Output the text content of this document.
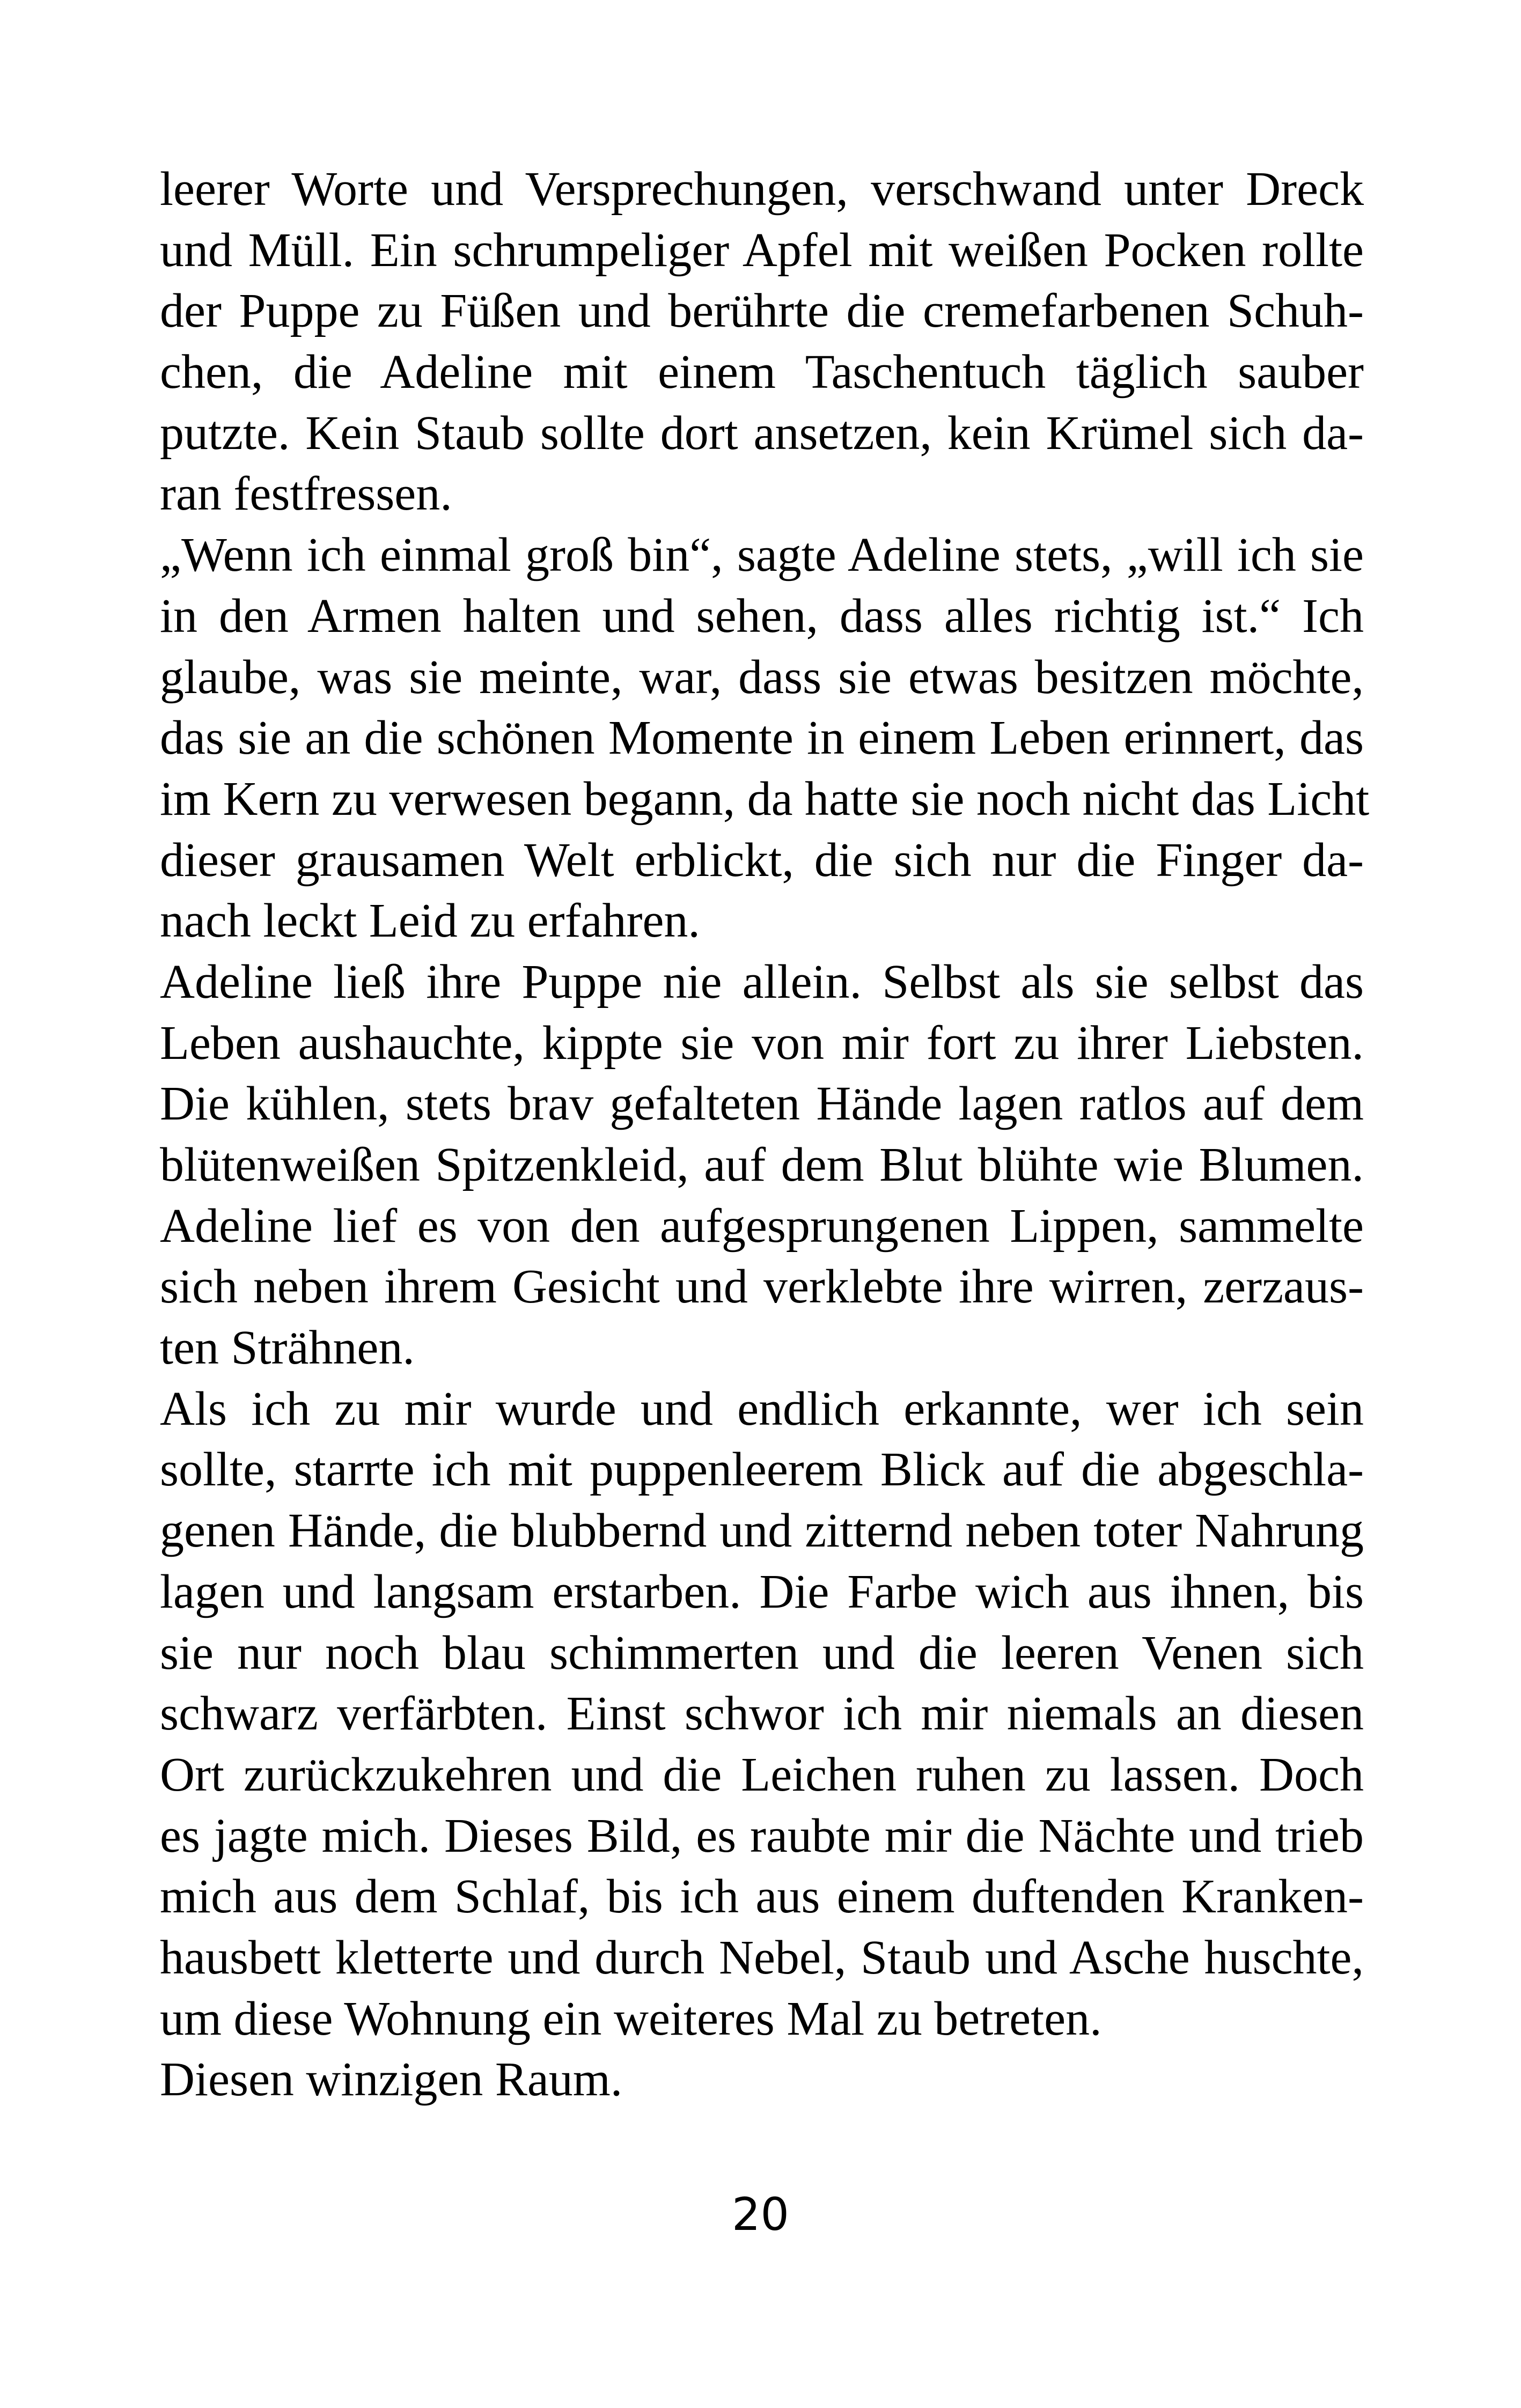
leerer Worte und Versprechungen, verschwand unter Dreck
und Müll. Ein schrumpeliger Apfel mit weißen Pocken rollte
der Puppe zu Füßen und berührte die cremefarbenen Schuh-
chen, die Adeline mit einem Taschentuch täglich sauber
putzte. Kein Staub sollte dort ansetzen, kein Krümel sich da-
ran festfressen.
„Wenn ich einmal groß bin“, sagte Adeline stets, „will ich sie
in den Armen halten und sehen, dass alles richtig ist.“ Ich
glaube, was sie meinte, war, dass sie etwas besitzen möchte,
das sie an die schönen Momente in einem Leben erinnert, das
im Kern zu verwesen begann, da hatte sie noch nicht das Licht
dieser grausamen Welt erblickt, die sich nur die Finger da-
nach leckt Leid zu erfahren.
Adeline ließ ihre Puppe nie allein. Selbst als sie selbst das
Leben aushauchte, kippte sie von mir fort zu ihrer Liebsten.
Die kühlen, stets brav gefalteten Hände lagen ratlos auf dem
blütenweißen Spitzenkleid, auf dem Blut blühte wie Blumen.
Adeline lief es von den aufgesprungenen Lippen, sammelte
sich neben ihrem Gesicht und verklebte ihre wirren, zerzaus-
ten Strähnen.
Als ich zu mir wurde und endlich erkannte, wer ich sein
sollte, starrte ich mit puppenleerem Blick auf die abgeschla-
genen Hände, die blubbernd und zitternd neben toter Nahrung
lagen und langsam erstarben. Die Farbe wich aus ihnen, bis
sie nur noch blau schimmerten und die leeren Venen sich
schwarz verfärbten. Einst schwor ich mir niemals an diesen
Ort zurückzukehren und die Leichen ruhen zu lassen. Doch
es jagte mich. Dieses Bild, es raubte mir die Nächte und trieb
mich aus dem Schlaf, bis ich aus einem duftenden Kranken-
hausbett kletterte und durch Nebel, Staub und Asche huschte,
um diese Wohnung ein weiteres Mal zu betreten.
Diesen winzigen Raum.
20
